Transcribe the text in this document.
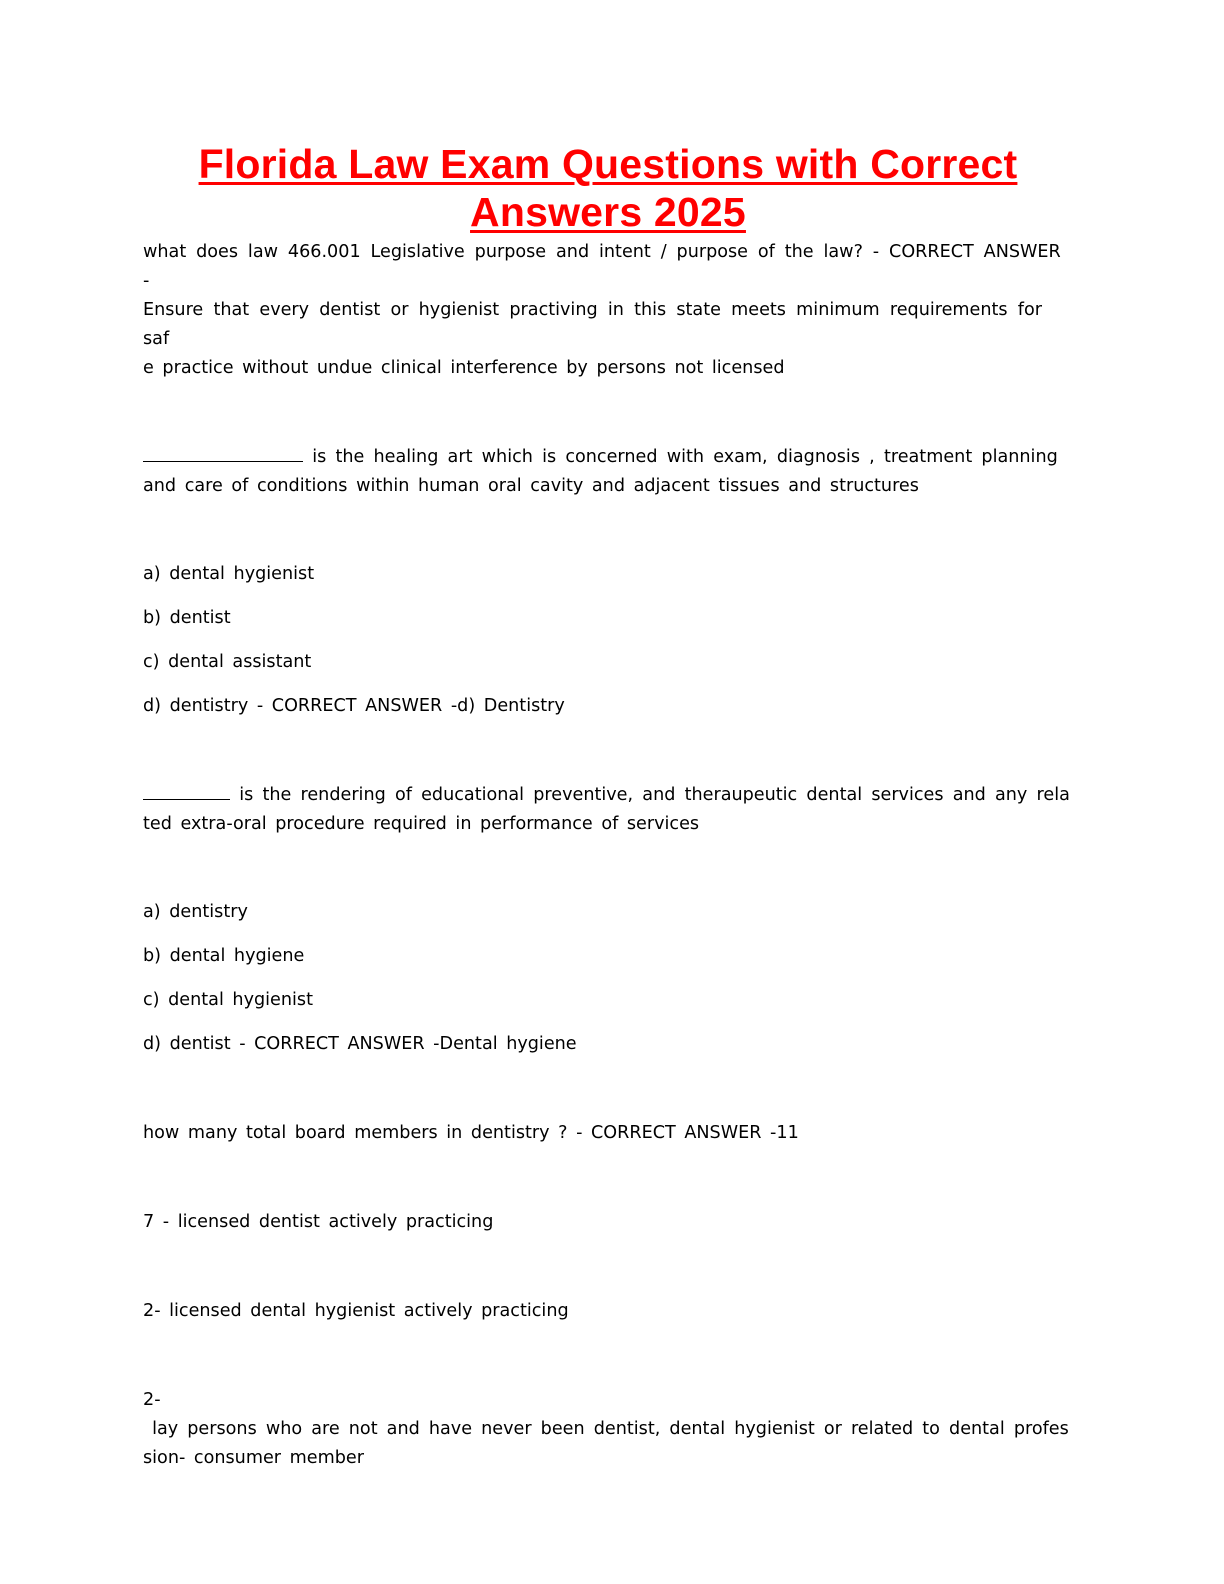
Florida Law Exam Questions with Correct
Answers 2025
what does law 466.001 Legislative purpose and intent / purpose of the law? - CORRECT ANSWER -
Ensure that every dentist or hygienist practiving in this state meets minimum requirements for saf
e practice without undue clinical interference by persons not licensed
is the healing art which is concerned with exam, diagnosis , treatment planning
and care of conditions within human oral cavity and adjacent tissues and structures
a) dental hygienist
b) dentist
c) dental assistant
d) dentistry - CORRECT ANSWER -d) Dentistry
is the rendering of educational preventive, and theraupeutic dental services and any rela
ted extra-oral procedure required in performance of services
a) dentistry
b) dental hygiene
c) dental hygienist
d) dentist - CORRECT ANSWER -Dental hygiene
how many total board members in dentistry ? - CORRECT ANSWER -11
7 - licensed dentist actively practicing
2- licensed dental hygienist actively practicing
2-
lay persons who are not and have never been dentist, dental hygienist or related to dental profes
sion- consumer member
